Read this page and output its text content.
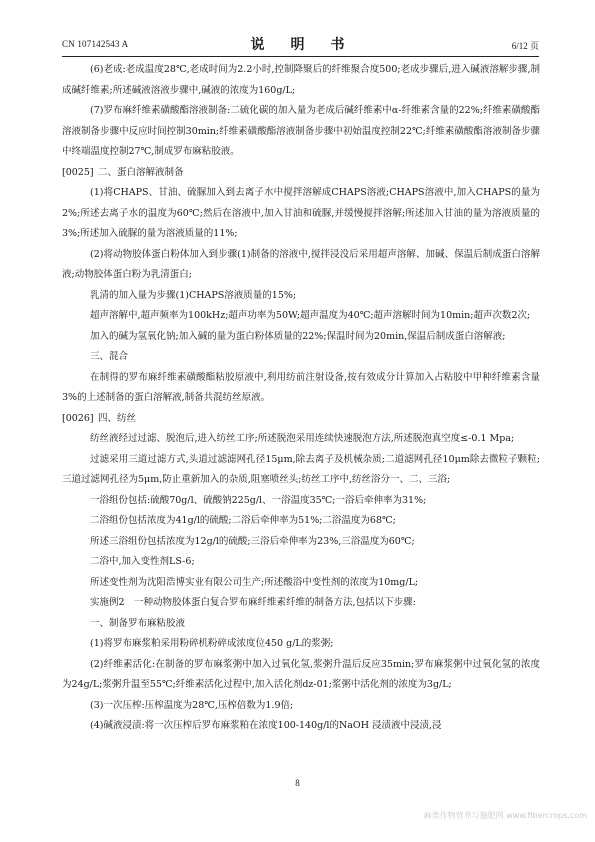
CN 107142543 A	说　明　书	6/12 页

(6)老成:老成温度28℃,老成时间为2.2小时,控制降聚后的纤维聚合度500;老成步骤后,进入碱液溶解步骤,制成碱纤维素;所述碱液溶液步骤中,碱液的浓度为160g/L;

(7)罗布麻纤维素磺酸酯溶液制备:二硫化碳的加入量为老成后碱纤维素中α-纤维素含量的22%;纤维素磺酸酯溶液制备步骤中反应时间控制30min;纤维素磺酸酯溶液制备步骤中初始温度控制22℃;纤维素磺酸酯溶液制备步骤中终端温度控制27℃,制成罗布麻粘胶液。

[0025] 二、蛋白溶解液制备

(1)将CHAPS、甘油、硫脲加入到去离子水中搅拌溶解成CHAPS溶液;CHAPS溶液中,加入CHAPS的量为2%;所述去离子水的温度为60℃;然后在溶液中,加入甘油和硫脲,并缓慢搅拌溶解;所述加入甘油的量为溶液质量的3%;所述加入硫脲的量为溶液质量的11%;

(2)将动物胶体蛋白粉体加入到步骤(1)制备的溶液中,搅拌浸没后采用超声溶解、加碱、保温后制成蛋白溶解液;动物胶体蛋白粉为乳清蛋白;

乳清的加入量为步骤(1)CHAPS溶液质量的15%;

超声溶解中,超声频率为100kHz;超声功率为50W;超声温度为40℃;超声溶解时间为10min;超声次数2次;

加入的碱为氢氧化钠;加入碱的量为蛋白粉体质量的22%;保温时间为20min,保温后制成蛋白溶解液;

三、混合

在制得的罗布麻纤维素磺酸酯粘胶原液中,利用纺前注射设备,按有效成分计算加入占粘胶中甲种纤维素含量3%的上述制备的蛋白溶解液,制备共混纺丝原液。

[0026] 四、纺丝

纺丝液经过过滤、脱泡后,进入纺丝工序;所述脱泡采用连续快速脱泡方法,所述脱泡真空度≤-0.1 Mpa;

过滤采用三道过滤方式,头道过滤滤网孔径15μm,除去离子及机械杂质;二道滤网孔径10μm除去微粒子颗粒;三道过滤网孔径为5μm,防止重新加入的杂质,阻塞喷丝头;纺丝工序中,纺丝浴分一、二、三浴;

一浴组份包括:硫酸70g/l、硫酸钠225g/l、一浴温度35℃;一浴后牵伸率为31%;

二浴组份包括浓度为41g/l的硫酸;二浴后牵伸率为51%;二浴温度为68℃;

所述三浴组份包括浓度为12g/l的硫酸;三浴后牵伸率为23%,三浴温度为60℃;

二浴中,加入变性剂LS-6;

所述变性剂为沈阳浩博实业有限公司生产;所述酸浴中变性剂的浓度为10mg/L;

实施例2　一种动物胶体蛋白复合罗布麻纤维素纤维的制备方法,包括以下步骤:

一、制备罗布麻粘胶液

(1)将罗布麻浆粕采用粉碎机粉碎成浓度位450 g/L的浆粥;

(2)纤维素活化:在制备的罗布麻浆粥中加入过氧化氢,浆粥升温后反应35min;罗布麻浆粥中过氧化氢的浓度为24g/L;浆粥升温至55℃;纤维素活化过程中,加入活化剂dz-01;浆粥中活化剂的浓度为3g/L;

(3)一次压榨:压榨温度为28℃,压榨倍数为1.9倍;

(4)碱液浸渍:将一次压榨后罗布麻浆粕在浓度100-140g/l的NaOH 浸渍液中浸渍,浸

8
麻类作物营养与施肥网 www.fibercrops.com
